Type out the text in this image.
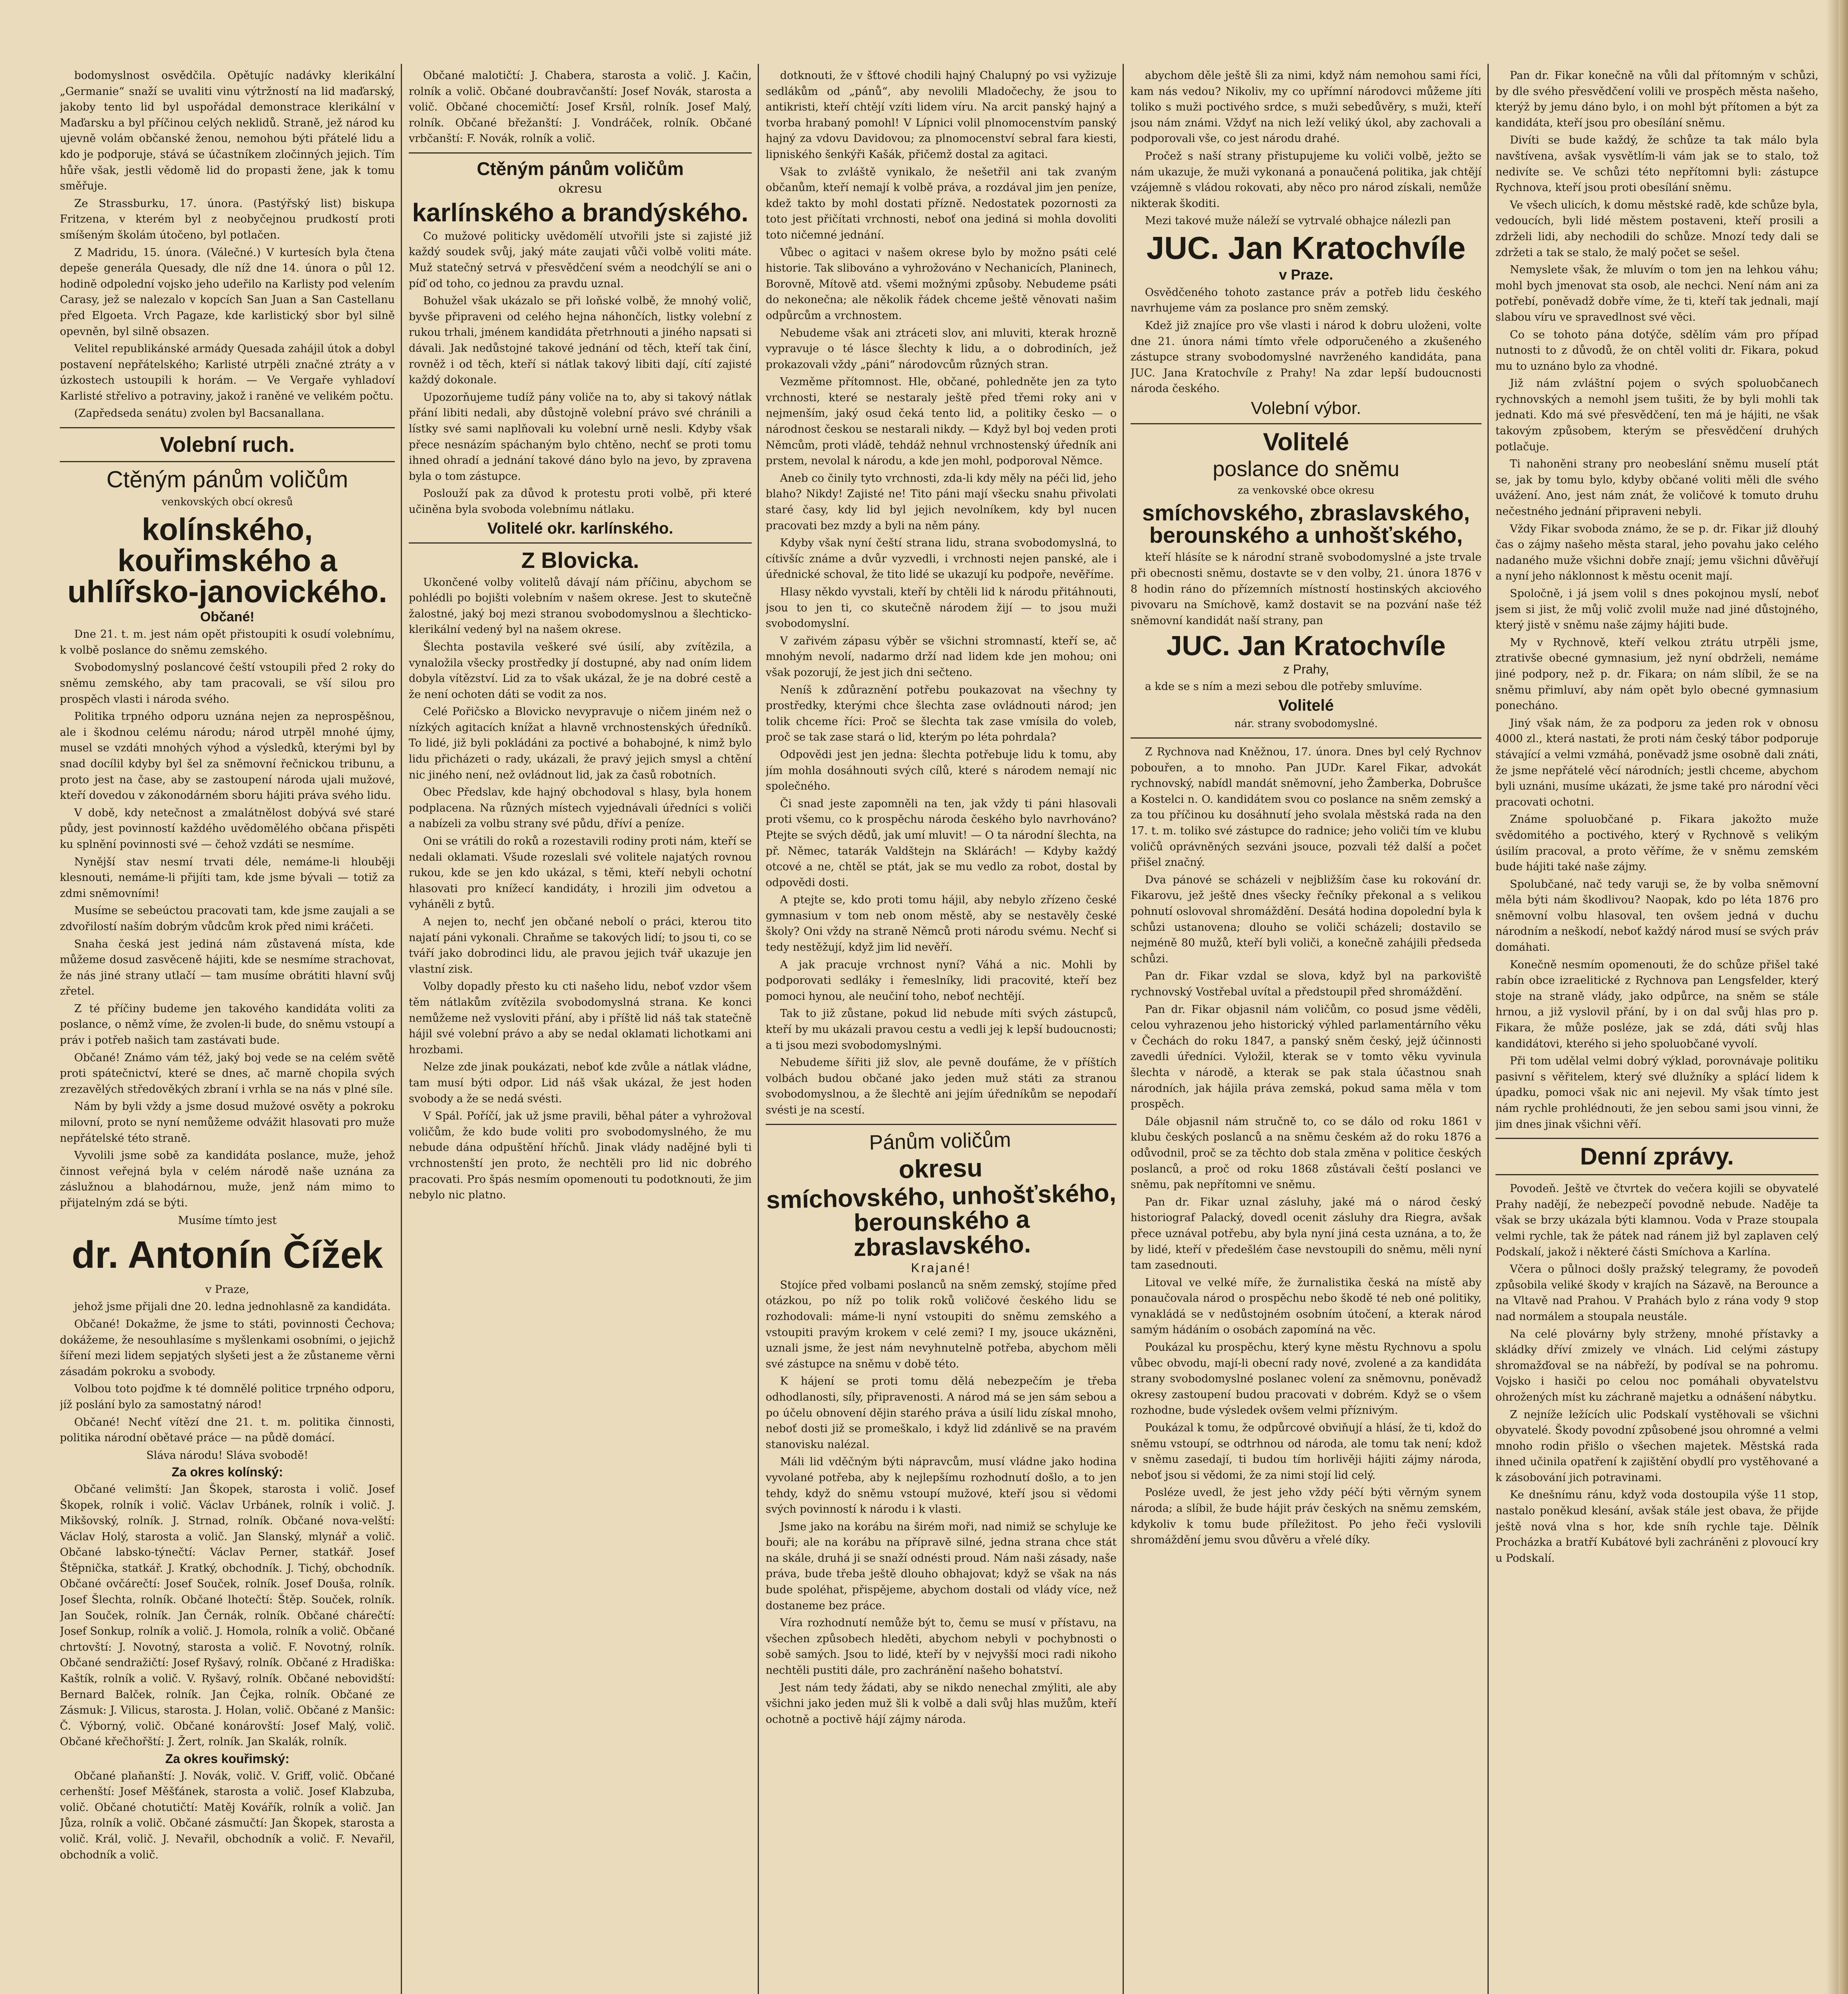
bodomyslnost osvědčila. Opětujíc nadávky klerikální „Germanie“ snaží se uvaliti vinu výtržností na lid maďarský, jakoby tento lid byl uspořádal demonstrace klerikální v Maďarsku a byl příčinou celých neklidů. Straně, jež národ ku ujevně volám občanské ženou, nemohou býti přátelé lidu a kdo je podporuje, stává se účastníkem zločinných jejich. Tím hůře však, jestli vědomě lid do propasti žene, jak k tomu směřuje.

Ze Strassburku, 17. února. (Pastýřský list) biskupa Fritzena, v kterém byl z neobyčejnou prudkostí proti smíšeným školám útočeno, byl potlačen.

Z Madridu, 15. února. (Válečné.) V kurtesích byla čtena depeše generála Quesady, dle níž dne 14. února o půl 12. hodině odpolední vojsko jeho udeřilo na Karlisty pod velením Carasy, jež se nalezalo v kopcích San Juan a San Castellanu před Elgoeta. Vrch Pagaze, kde karlistický sbor byl silně opevněn, byl silně obsazen.

Velitel republikánské armády Quesada zahájil útok a dobyl postavení nepřátelského; Karlisté utrpěli značné ztráty a v úzkostech ustoupili k horám. — Ve Vergaře vyhladoví Karlisté střelivo a potraviny, jakož i raněné ve velikém počtu.

(Zapředseda senátu) zvolen byl Bacsanallana.

Volební ruch.
Ctěným pánům voličům
venkovských obcí okresů
kolínského, kouřimského a uhlířsko-janovického.
Občané!

Dne 21. t. m. jest nám opět přistoupiti k osudí volebnímu, k volbě poslance do sněmu zemského.

Svobodomyslný poslancové čeští vstoupili před 2 roky do sněmu zemského, aby tam pracovali, se vší silou pro prospěch vlasti i národa svého.

Politika trpného odporu uznána nejen za neprospěšnou, ale i škodnou celému národu; národ utrpěl mnohé újmy, musel se vzdáti mnohých výhod a výsledků, kterými byl by snad docílil kdyby byl šel za sněmovní řečnickou tribunu, a proto jest na čase, aby se zastoupení národa ujali mužové, kteří dovedou v zákonodárném sboru hájiti práva svého lidu.

V době, kdy netečnost a zmalátnělost dobývá své staré půdy, jest povinností každého uvědomělého občana přispěti ku splnění povinnosti své — čehož vzdáti se nesmíme.

Nynější stav nesmí trvati déle, nemáme-li hlouběji klesnouti, nemáme-li přijíti tam, kde jsme bývali — totiž za zdmi sněmovními!

Musíme se sebeúctou pracovati tam, kde jsme zaujali a se zdvořilostí naším dobrým vůdcům krok před nimi kráčeti.

Snaha česká jest jediná nám zůstavená místa, kde můžeme dosud zasvěceně hájiti, kde se nesmíme strachovat, že nás jiné strany utlačí — tam musíme obrátiti hlavní svůj zřetel.

Z té příčiny budeme jen takového kandidáta voliti za poslance, o němž víme, že zvolen-li bude, do sněmu vstoupí a práv i potřeb našich tam zastávati bude.

Občané! Známo vám též, jaký boj vede se na celém světě proti spátečnictví, které se dnes, ač marně chopila svých zrezavělých středověkých zbraní i vrhla se na nás v plné síle.

Nám by byli vždy a jsme dosud mužové osvěty a pokroku milovní, proto se nyní nemůžeme odvážit hlasovati pro muže nepřátelské této straně.

Vyvolili jsme sobě za kandidáta poslance, muže, jehož činnost veřejná byla v celém národě naše uznána za záslužnou a blahodárnou, muže, jenž nám mimo to přijatelným zdá se býti.

Musíme tímto jest

dr. Antonín Čížek

v Praze,

jehož jsme přijali dne 20. ledna jednohlasně za kandidáta.

Občané! Dokažme, že jsme to státi, povinnosti Čechova; dokážeme, že nesouhlasíme s myšlenkami osobními, o jejichž šíření mezi lidem sepjatých slyšeti jest a že zůstaneme věrni zásadám pokroku a svobody.

Volbou toto pojďme k té domnělé politice trpného odporu, jíž poslání bylo za samostatný národ!

Občané! Nechť vítězí dne 21. t. m. politika činnosti, politika národní obětavé práce — na půdě domácí.

Sláva národu! Sláva svobodě!

Za okres kolínský:

Občané velimští: Jan Škopek, starosta i volič. Josef Škopek, rolník i volič. Václav Urbánek, rolník i volič. J. Mikšovský, rolník. J. Strnad, rolník. Občané nova-velští: Václav Holý, starosta a volič. Jan Slanský, mlynář a volič. Občané labsko-týnečtí: Václav Perner, statkář. Josef Štěpnička, statkář. J. Kratký, obchodník. J. Tichý, obchodník. Občané ovčárečtí: Josef Souček, rolník. Josef Douša, rolník. Josef Šlechta, rolník. Občané lhotečtí: Štěp. Souček, rolník. Jan Souček, rolník. Jan Černák, rolník. Občané chárečtí: Josef Sonkup, rolník a volič. J. Homola, rolník a volič. Občané chrtovští: J. Novotný, starosta a volič. F. Novotný, rolník. Občané sendražičtí: Josef Ryšavý, rolník. Občané z Hradiška: Kaštík, rolník a volič. V. Ryšavý, rolník. Občané nebovidští: Bernard Balček, rolník. Jan Čejka, rolník. Občané ze Zásmuk: J. Vilicus, starosta. J. Holan, volič. Občané z Manšic: Č. Výborný, volič. Občané konárovští: Josef Malý, volič. Občané křečhořští: J. Žert, rolník. Jan Skalák, rolník.

Za okres kouřimský:

Občané plaňanští: J. Novák, volič. V. Griff, volič. Občané cerhenští: Josef Měšťánek, starosta a volič. Josef Klabzuba, volič. Občané chotutičtí: Matěj Kovářík, rolník a volič. Jan Jůza, rolník a volič. Občané zásmučtí: Jan Škopek, starosta a volič. Král, volič. J. Nevařil, obchodník a volič. F. Nevařil, obchodník a volič.

Občané malotičtí: J. Chabera, starosta a volič. J. Kačin, rolník a volič. Občané doubravčanští: Josef Novák, starosta a volič. Občané chocemičtí: Josef Krsňl, rolník. Josef Malý, rolník. Občané břežanští: J. Vondráček, rolník. Občané vrbčanští: F. Novák, rolník a volič.

Ctěným pánům voličům
okresu
karlínského a brandýského.

Co mužové politicky uvědomělí utvořili jste si zajisté již každý soudek svůj, jaký máte zaujati vůči volbě voliti máte. Muž statečný setrvá v přesvědčení svém a neodchýlí se ani o píď od toho, co jednou za pravdu uznal.

Bohužel však ukázalo se při loňské volbě, že mnohý volič, byvše připraveni od celého hejna náhončích, listky volební z rukou trhali, jménem kandidáta přetrhnouti a jiného napsati si dávali. Jak nedůstojné takové jednání od těch, kteří tak činí, rovněž i od těch, kteří si nátlak takový libiti dají, cítí zajisté každý dokonale.

Upozorňujeme tudíž pány voliče na to, aby si takový nátlak přání libiti nedali, aby důstojně volební právo své chránili a lístky své sami naplňovali ku volební urně nesli. Kdyby však přece nesnázím spáchaným bylo chtěno, nechť se proti tomu ihned ohradí a jednání takové dáno bylo na jevo, by zpravena byla o tom zástupce.

Poslouží pak za důvod k protestu proti volbě, při které učiněna byla svoboda volebnímu nátlaku.

Volitelé okr. karlínského.
Z Blovicka.

Ukončené volby volitelů dávají nám příčinu, abychom se pohlédli po bojišti volebním v našem okrese. Jest to skutečně žalostné, jaký boj mezi stranou svobodomyslnou a šlechticko-klerikální vedený byl na našem okrese.

Šlechta postavila veškeré své úsilí, aby zvítězila, a vynaložila všecky prostředky jí dostupné, aby nad oním lidem dobyla vítězství. Lid za to však ukázal, že je na dobré cestě a že není ochoten dáti se vodit za nos.

Celé Pořičsko a Blovicko nevypravuje o ničem jiném než o nízkých agitacích knížat a hlavně vrchnostenských úředníků. To lidé, již byli pokládáni za poctivé a bohabojné, k nimž bylo lidu přicházeti o rady, ukázali, že pravý jejich smysl a chtění nic jiného není, než ovládnout lid, jak za časů robotních.

Obec Předslav, kde hajný obchodoval s hlasy, byla honem podplacena. Na různých místech vyjednávali úředníci s voliči a nabízeli za volbu strany své půdu, dříví a peníze.

Oni se vrátili do roků a rozestavili rodiny proti nám, kteří se nedali oklamati. Všude rozeslali své volitele najatých rovnou rukou, kde se jen kdo ukázal, s těmi, kteří nebyli ochotní hlasovati pro knížecí kandidáty, i hrozili jim odvetou a vyháněli z bytů.

A nejen to, nechť jen občané nebolí o práci, kterou tito najatí páni vykonali. Chraňme se takových lidí; to jsou ti, co se tváří jako dobrodinci lidu, ale pravou jejich tvář ukazuje jen vlastní zisk.

Volby dopadly přesto ku cti našeho lidu, neboť vzdor všem těm nátlakům zvítězila svobodomyslná strana. Ke konci nemůžeme než vysloviti přání, aby i příště lid náš tak statečně hájil své volební právo a aby se nedal oklamati lichotkami ani hrozbami.

Nelze zde jinak poukázati, neboť kde zvůle a nátlak vládne, tam musí býti odpor. Lid náš však ukázal, že jest hoden svobody a že se nedá svésti.

V Spál. Poříčí, jak už jsme pravili, běhal páter a vyhrožoval voličům, že kdo bude voliti pro svobodomyslného, že mu nebude dána odpuštění hříchů. Jinak vlády nadějné byli ti vrchnostenští jen proto, že nechtěli pro lid nic dobrého pracovati. Pro špás nesmím opomenouti tu podotknouti, že jim nebylo nic platno.

dotknouti, že v šťtové chodili hajný Chalupný po vsi vyžizuje sedlákům od „pánů“, aby nevolili Mladočechy, že jsou to antikristi, kteří chtějí vzíti lidem víru. Na arcit panský hajný a tvorba hrabaný pomohl! V Lípnici volil plnomocenstvím panský hajný za vdovu Davidovou; za plnomocenství sebral fara kiesti, lipniského šenkýři Kašák, přičemž dostal za agitaci.

Však to zvláště vynikalo, že nešetřil ani tak zvaným občanům, kteří nemají k volbě práva, a rozdával jim jen peníze, kdež takto by mohl dostati přízně. Nedostatek pozornosti za toto jest přičítati vrchnosti, neboť ona jediná si mohla dovoliti toto ničemné jednání.

Vůbec o agitaci v našem okrese bylo by možno psáti celé historie. Tak slibováno a vyhrožováno v Nechanicích, Planinech, Borovně, Mítově atd. všemi možnými způsoby. Nebudeme psáti do nekonečna; ale několik řádek chceme ještě věnovati našim odpůrcům a vrchnostem.

Nebudeme však ani ztráceti slov, ani mluviti, kterak hrozně vypravuje o té lásce šlechty k lidu, a o dobrodiních, jež prokazovali vždy „páni“ národovcům různých stran.

Vezměme přítomnost. Hle, občané, pohledněte jen za tyto vrchnosti, které se nestaraly ještě před třemi roky ani v nejmenším, jaký osud čeká tento lid, a politiky česko — o národnost českou se nestarali nikdy. — Když byl boj veden proti Němcům, proti vládě, tehdáž nehnul vrchnostenský úředník ani prstem, nevolal k národu, a kde jen mohl, podporoval Němce.

Aneb co činily tyto vrchnosti, zda-li kdy měly na péči lid, jeho blaho? Nikdy! Zajisté ne! Tito páni mají všecku snahu přivolati staré časy, kdy lid byl jejich nevolníkem, kdy byl nucen pracovati bez mzdy a byli na něm pány.

Kdyby však nyní čeští strana lidu, strana svobodomyslná, to cítivšíc známe a dvůr vyzvedli, i vrchnosti nejen panské, ale i úřednické schoval, že tito lidé se ukazují ku podpoře, nevěříme.

Hlasy někdo vyvstali, kteří by chtěli lid k národu přitáhnouti, jsou to jen ti, co skutečně národem žijí — to jsou muži svobodomyslní.

V zařivém zápasu výběr se všichni stromnastí, kteří se, ač mnohým nevolí, nadarmo drží nad lidem kde jen mohou; oni však pozorují, že jest jich dni sečteno.

Neníš k zdůraznění potřebu poukazovat na všechny ty prostředky, kterými chce šlechta zase ovládnouti národ; jen tolik chceme říci: Proč se šlechta tak zase vmísila do voleb, proč se tak zase stará o lid, kterým po léta pohrdala?

Odpovědi jest jen jedna: šlechta potřebuje lidu k tomu, aby jím mohla dosáhnouti svých cílů, které s národem nemají nic společného.

Či snad jeste zapomněli na ten, jak vždy ti páni hlasovali proti všemu, co k prospěchu národa českého bylo navrhováno? Ptejte se svých dědů, jak umí mluvit! — O ta národní šlechta, na př. Němec, tatarák Valdštejn na Sklárách! — Kdyby každý otcové a ne, chtěl se ptát, jak se mu vedlo za robot, dostal by odpovědi dosti.

A ptejte se, kdo proti tomu hájil, aby nebylo zřízeno české gymnasium v tom neb onom městě, aby se nestavěly české školy? Oni vždy na straně Němců proti národu svému. Nechť si tedy nestěžují, když jim lid nevěří.

A jak pracuje vrchnost nyní? Váhá a nic. Mohli by podporovati sedláky i řemeslníky, lidi pracovité, kteří bez pomoci hynou, ale neučiní toho, neboť nechtějí.

Tak to již zůstane, pokud lid nebude míti svých zástupců, kteří by mu ukázali pravou cestu a vedli jej k lepší budoucnosti; a ti jsou mezi svobodomyslnými.

Nebudeme šířiti již slov, ale pevně doufáme, že v příštích volbách budou občané jako jeden muž státi za stranou svobodomyslnou, a že šlechtě ani jejím úředníkům se nepodaří svésti je na scestí.

Pánům voličům
okresu
smíchovského, unhošťského, berounského a zbraslavského.
Krajané!

Stojíce před volbami poslanců na sněm zemský, stojíme před otázkou, po níž po tolik roků voličové českého lidu se rozhodovali: máme-li nyní vstoupiti do sněmu zemského a vstoupiti pravým krokem v celé zemi? I my, jsouce ukázněni, uznali jsme, že jest nám nevyhnutelně potřeba, abychom měli své zástupce na sněmu v době této.

K hájení se proti tomu dělá nebezpečím je třeba odhodlanosti, síly, připravenosti. A národ má se jen sám sebou a po účelu obnovení dějin starého práva a úsilí lidu získal mnoho, neboť dosti již se promeškalo, i když lid zdánlivě se na pravém stanovisku nalézal.

Máli lid vděčným býti nápravcům, musí vládne jako hodina vyvolané potřeba, aby k nejlepšímu rozhodnutí došlo, a to jen tehdy, když do sněmu vstoupí mužové, kteří jsou si vědomi svých povinností k národu i k vlasti.

Jsme jako na korábu na širém moři, nad nimiž se schyluje ke bouři; ale na korábu na přípravě silné, jedna strana chce stát na skále, druhá ji se snaží odnésti proud. Nám naši zásady, naše práva, bude třeba ještě dlouho obhajovat; když se však na nás bude spoléhat, přispějeme, abychom dostali od vlády více, než dostaneme bez práce.

Víra rozhodnutí nemůže být to, čemu se musí v přístavu, na všechen způsobech hleděti, abychom nebyli v pochybnosti o sobě samých. Jsou to lidé, kteří by v nejvyšší moci radi nikoho nechtěli pustiti dále, pro zachránění našeho bohatství.

Jest nám tedy žádati, aby se nikdo nenechal zmýliti, ale aby všichni jako jeden muž šli k volbě a dali svůj hlas mužům, kteří ochotně a poctivě hájí zájmy národa.

abychom děle ještě šli za nimi, když nám nemohou sami říci, kam nás vedou? Nikoliv, my co upřímní národovci můžeme jíti toliko s muži poctivého srdce, s muži sebedůvěry, s muži, kteří jsou nám známi. Vždyť na nich leží veliký úkol, aby zachovali a podporovali vše, co jest národu drahé.

Pročež s naší strany přistupujeme ku voliči volbě, ježto se nám ukazuje, že muži vykonaná a ponaučená politika, jak chtějí vzájemně s vládou rokovati, aby něco pro národ získali, nemůže nikterak škoditi.

Mezi takové muže náleží se vytrvalé obhajce nálezli pan

JUC. Jan Kratochvíle
v Praze.

Osvědčeného tohoto zastance práv a potřeb lidu českého navrhujeme vám za poslance pro sněm zemský.

Kdež již znajíce pro vše vlasti i národ k dobru uloženi, volte dne 21. února námi tímto vřele odporučeného a zkušeného zástupce strany svobodomyslné navrženého kandidáta, pana JUC. Jana Kratochvíle z Prahy! Na zdar lepší budoucnosti národa českého.

Volební výbor.
Volitelé
poslance do sněmu
za venkovské obce okresu
smíchovského, zbraslavského, berounského a unhošťského,

kteří hlásíte se k národní straně svobodomyslné a jste trvale při obecnosti sněmu, dostavte se v den volby, 21. února 1876 v 8 hodin ráno do přízemních místností hostinských akciového pivovaru na Smíchově, kamž dostavit se na pozvání naše též sněmovní kandidát naší strany, pan

JUC. Jan Kratochvíle
z Prahy,

a kde se s ním a mezi sebou dle potřeby smluvíme.

Volitelé
nár. strany svobodomyslné.

Z Rychnova nad Kněžnou, 17. února. Dnes byl celý Rychnov pobouřen, a to mnoho. Pan JUDr. Karel Fikar, advokát rychnovský, nabídl mandát sněmovní, jeho Žamberka, Dobrušce a Kostelci n. O. kandidátem svou co poslance na sněm zemský a za tou příčinou ku dosáhnutí jeho svolala městská rada na den 17. t. m. toliko své zástupce do radnice; jeho voliči tím ve klubu voličů oprávněných sezváni jsouce, pozvali též další a počet přišel značný.

Dva pánové se scházeli v nejbližším čase ku rokování dr. Fikarovu, jež ještě dnes všecky řečníky překonal a s velikou pohnutí oslovoval shromáždění. Desátá hodina dopolední byla k schůzi ustanovena; dlouho se voliči scházeli; dostavilo se nejméně 80 mužů, kteří byli voliči, a konečně zahájili předseda schůzi.

Pan dr. Fikar vzdal se slova, když byl na parkoviště rychnovský Vostřebal uvítal a předstoupil před shromáždění.

Pan dr. Fikar objasnil nám voličům, co posud jsme věděli, celou vyhrazenou jeho historický výhled parlamentárního věku v Čechách do roku 1847, a panský sněm český, jejž účinnosti zavedli úředníci. Vyložil, kterak se v tomto věku vyvinula šlechta v národě, a kterak se pak stala účastnou snah národních, jak hájila práva zemská, pokud sama měla v tom prospěch.

Dále objasnil nám stručně to, co se dálo od roku 1861 v klubu českých poslanců a na sněmu českém až do roku 1876 a odůvodnil, proč se za těchto dob stala změna v politice českých poslanců, a proč od roku 1868 zůstávali čeští poslanci ve sněmu, pak nepřítomni ve sněmu.

Pan dr. Fikar uznal zásluhy, jaké má o národ český historiograf Palacký, dovedl ocenit zásluhy dra Riegra, avšak přece uznával potřebu, aby byla nyní jiná cesta uznána, a to, že by lidé, kteří v předešlém čase nevstoupili do sněmu, měli nyní tam zasednouti.

Litoval ve velké míře, že žurnalistika česká na místě aby ponaučovala národ o prospěchu nebo škodě té neb oné politiky, vynakládá se v nedůstojném osobním útočení, a kterak národ samým hádáním o osobách zapomíná na věc.

Poukázal ku prospěchu, který kyne městu Rychnovu a spolu vůbec obvodu, mají-li obecní rady nové, zvolené a za kandidáta strany svobodomyslné poslanec volení za sněmovnu, poněvadž okresy zastoupení budou pracovati v dobrém. Když se o všem rozhodne, bude výsledek ovšem velmi příznivým.

Poukázal k tomu, že odpůrcové obviňují a hlásí, že ti, kdož do sněmu vstoupí, se odtrhnou od národa, ale tomu tak není; kdož v sněmu zasedají, ti budou tím horlivěji hájiti zájmy národa, neboť jsou si vědomi, že za nimi stojí lid celý.

Posléze uvedl, že jest jeho vždy péčí býti věrným synem národa; a slíbil, že bude hájit práv českých na sněmu zemském, kdykoliv k tomu bude příležitost. Po jeho řeči vyslovili shromáždění jemu svou důvěru a vřelé díky.

Pan dr. Fikar konečně na vůli dal přítomným v schůzi, by dle svého přesvědčení volili ve prospěch města našeho, kterýž by jemu dáno bylo, i on mohl být přítomen a být za kandidáta, kteří jsou pro obesílání sněmu.

Divíti se bude každý, že schůze ta tak málo byla navštívena, avšak vysvětlím-li vám jak se to stalo, tož nedivíte se. Ve schůzi této nepřítomni byli: zástupce Rychnova, kteří jsou proti obesílání sněmu.

Ve všech ulicích, k domu městské radě, kde schůze byla, vedoucích, byli lidé městem postaveni, kteří prosili a zdrželi lidi, aby nechodili do schůze. Mnozí tedy dali se zdržeti a tak se stalo, že malý počet se sešel.

Nemyslete však, že mluvím o tom jen na lehkou váhu; mohl bych jmenovat sta osob, ale nechci. Není nám ani za potřebí, poněvadž dobře víme, že ti, kteří tak jednali, mají slabou víru ve spravedlnost své věci.

Co se tohoto pána dotýče, sdělím vám pro případ nutnosti to z důvodů, že on chtěl voliti dr. Fikara, pokud mu to uznáno bylo za vhodné.

Již nám zvláštní pojem o svých spoluobčanech rychnovských a nemohl jsem tušiti, že by byli mohli tak jednati. Kdo má své přesvědčení, ten má je hájiti, ne však takovým způsobem, kterým se přesvědčení druhých potlačuje.

Ti nahoněni strany pro neobeslání sněmu muselí ptát se, jak by tomu bylo, kdyby občané voliti měli dle svého uvážení. Ano, jest nám znát, že voličové k tomuto druhu nečestného jednání připraveni nebyli.

Vždy Fikar svoboda známo, že se p. dr. Fikar již dlouhý čas o zájmy našeho města staral, jeho povahu jako celého nadaného muže všichni dobře znají; jemu všichni důvěřují a nyní jeho náklonnost k městu ocenit mají.

Spoločně, i já jsem volil s dnes pokojnou myslí, neboť jsem si jist, že můj volič zvolil muže nad jiné důstojného, který jistě v sněmu naše zájmy hájiti bude.

My v Rychnově, kteří velkou ztrátu utrpěli jsme, ztrativše obecné gymnasium, jež nyní obdrželi, nemáme jiné podpory, než p. dr. Fikara; on nám slíbil, že se na sněmu přimluví, aby nám opět bylo obecné gymnasium ponecháno.

Jiný však nám, že za podporu za jeden rok v obnosu 4000 zl., která nastati, že proti nám český tábor podporuje stávající a velmi vzmáhá, poněvadž jsme osobně dali znáti, že jsme nepřátelé věcí národních; jestli chceme, abychom byli uznáni, musíme ukázati, že jsme také pro národní věci pracovati ochotni.

Známe spoluobčané p. Fikara jakožto muže svědomitého a poctivého, který v Rychnově s velikým úsilím pracoval, a proto věříme, že v sněmu zemském bude hájiti také naše zájmy.

Spolubčané, nač tedy varuji se, že by volba sněmovní měla býti nám škodlivou? Naopak, kdo po léta 1876 pro sněmovní volbu hlasoval, ten ovšem jedná v duchu národním a neškodí, neboť každý národ musí se svých práv domáhati.

Konečně nesmím opomenouti, že do schůze přišel také rabín obce izraelitické z Rychnova pan Lengsfelder, který stoje na straně vlády, jako odpůrce, na sněm se stále hrnou, a již vyslovil přání, by i on dal svůj hlas pro p. Fikara, že může posléze, jak se zdá, dáti svůj hlas kandidátovi, kterého si jeho spoluobčané vyvolí.

Při tom udělal velmi dobrý výklad, porovnávaje politiku pasivní s věřitelem, který své dlužníky a splácí lidem k úpadku, pomoci však nic ani nejevil. My však tímto jest nám rychle prohlédnouti, že jen sebou sami jsou vinni, že jim dnes jinak všichni věří.

Denní zprávy.

Povodeň. Ještě ve čtvrtek do večera kojili se obyvatelé Prahy nadějí, že nebezpečí povodně nebude. Naděje ta však se brzy ukázala býti klamnou. Voda v Praze stoupala velmi rychle, tak že pátek nad ránem již byl zaplaven celý Podskalí, jakož i některé části Smíchova a Karlína.

Včera o půlnoci došly pražský telegramy, že povodeň způsobila veliké škody v krajích na Sázavě, na Berounce a na Vltavě nad Prahou. V Prahách bylo z rána vody 9 stop nad normálem a stoupala neustále.

Na celé plovárny byly strženy, mnohé přístavky a skládky dříví zmizely ve vlnách. Lid celými zástupy shromažďoval se na nábřeží, by podíval se na pohromu. Vojsko i hasiči po celou noc pomáhali obyvatelstvu ohrožených míst ku záchraně majetku a odnášení nábytku.

Z nejníže ležících ulic Podskalí vystěhovali se všichni obyvatelé. Škody povodní způsobené jsou ohromné a velmi mnoho rodin přišlo o všechen majetek. Městská rada ihned učinila opatření k zajištění obydlí pro vystěhované a k zásobování jich potravinami.

Ke dnešnímu ránu, když voda dostoupila výše 11 stop, nastalo poněkud klesání, avšak stále jest obava, že přijde ještě nová vlna s hor, kde sníh rychle taje. Dělník Procházka a bratří Kubátové byli zachráněni z plovoucí kry u Podskalí.
